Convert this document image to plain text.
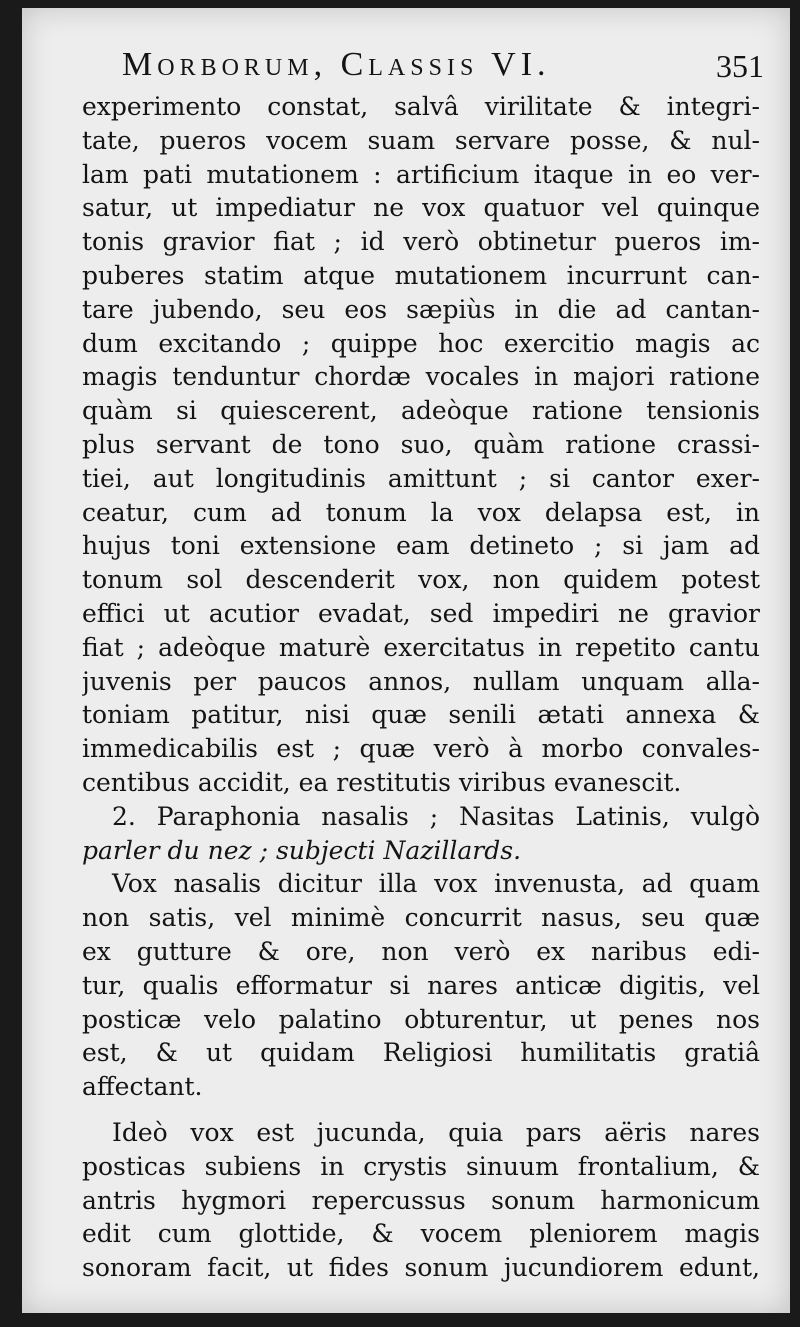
Morborum, Classis VI.	351
experimento constat, salvâ virilitate & integri-
tate, pueros vocem suam servare posse, & nul-
lam pati mutationem : artificium itaque in eo ver-
satur, ut impediatur ne vox quatuor vel quinque
tonis gravior fiat ; id verò obtinetur pueros im-
puberes statim atque mutationem incurrunt can-
tare jubendo, seu eos sæpiùs in die ad cantan-
dum excitando ; quippe hoc exercitio magis ac
magis tenduntur chordæ vocales in majori ratione
quàm si quiescerent, adeòque ratione tensionis
plus servant de tono suo, quàm ratione crassi-
tiei, aut longitudinis amittunt ; si cantor exer-
ceatur, cum ad tonum la vox delapsa est, in
hujus toni extensione eam detineto ; si jam ad
tonum sol descenderit vox, non quidem potest
effici ut acutior evadat, sed impediri ne gravior
fiat ; adeòque maturè exercitatus in repetito cantu
juvenis per paucos annos, nullam unquam alla-
toniam patitur, nisi quæ senili ætati annexa &
immedicabilis est ; quæ verò à morbo convales-
centibus accidit, ea restitutis viribus evanescit.
2. Paraphonia nasalis ; Nasitas Latinis, vulgò
parler du nez ; subjecti Nazillards.
Vox nasalis dicitur illa vox invenusta, ad quam
non satis, vel minimè concurrit nasus, seu quæ
ex gutture & ore, non verò ex naribus edi-
tur, qualis efformatur si nares anticæ digitis, vel
posticæ velo palatino obturentur, ut penes nos
est, & ut quidam Religiosi humilitatis gratiâ
affectant.
Ideò vox est jucunda, quia pars aëris nares
posticas subiens in crystis sinuum frontalium, &
antris hygmori repercussus sonum harmonicum
edit cum glottide, & vocem pleniorem magis
sonoram facit, ut fides sonum jucundiorem edunt,
